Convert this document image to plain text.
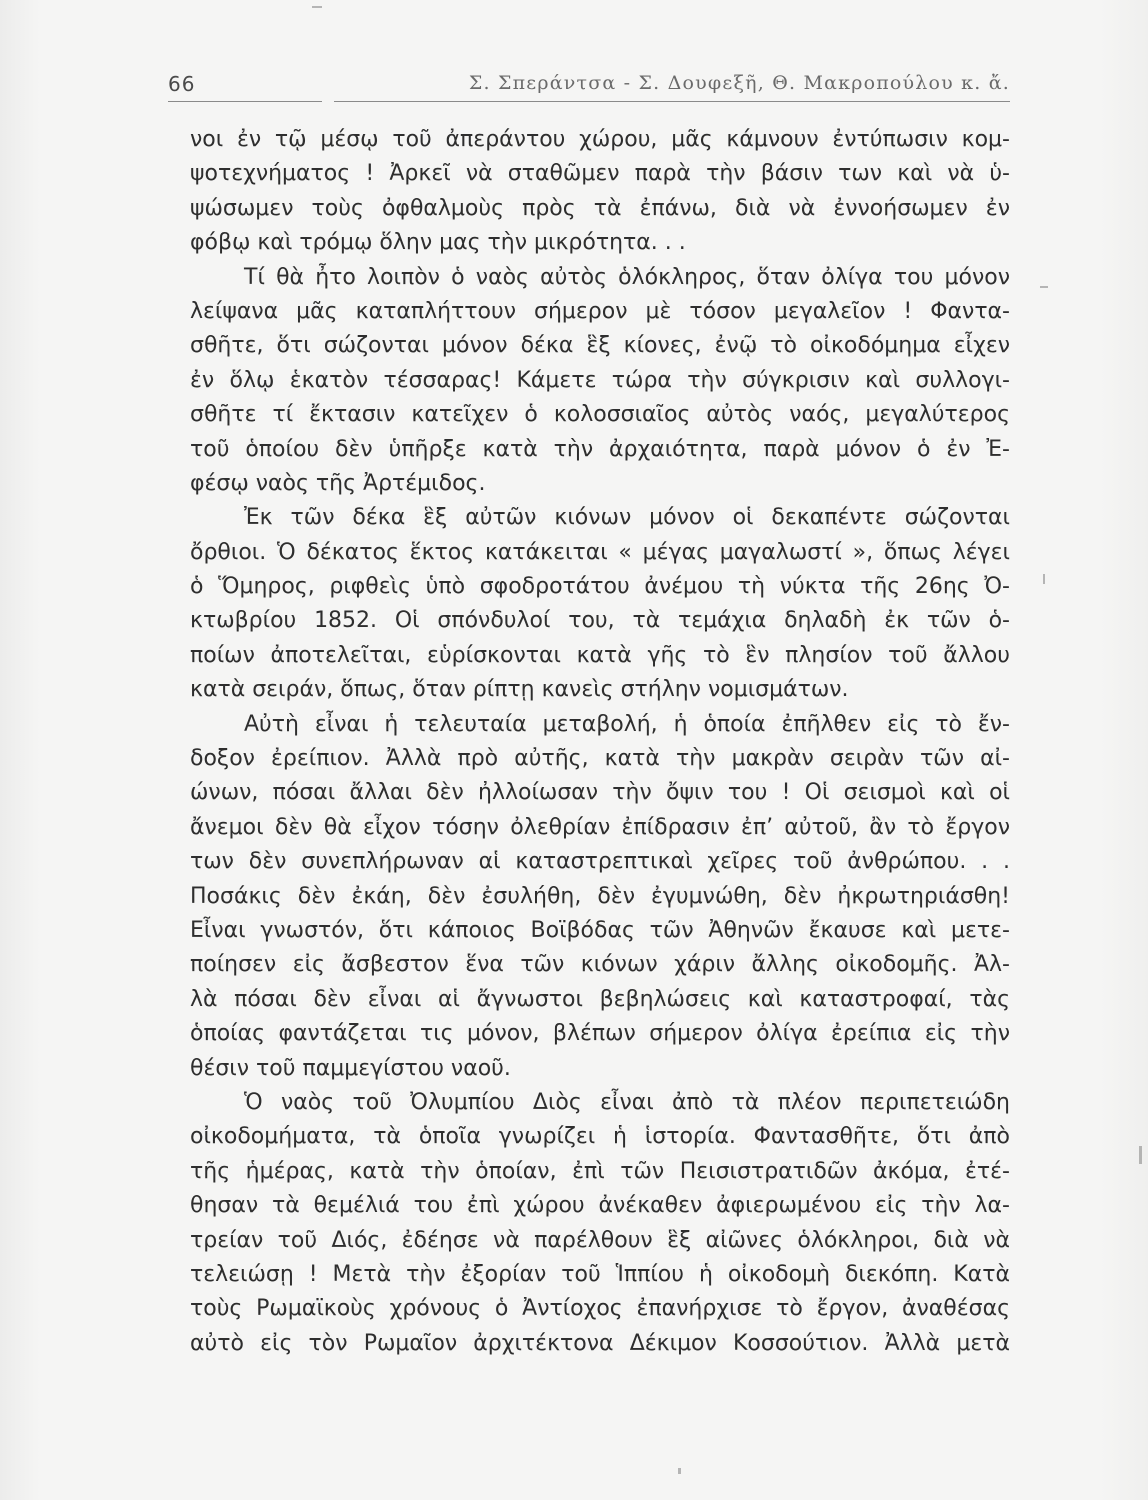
66	Σ. Σπεράντσα - Σ. Δουφεξῆ, Θ. Μακροπούλου κ. ἄ.
νοι ἐν τῷ μέσῳ τοῦ ἀπεράντου χώρου, μᾶς κάμνουν ἐντύπωσιν κομ-
ψοτεχνήματος ! Ἀρκεῖ νὰ σταθῶμεν παρὰ τὴν βάσιν των καὶ νὰ ὑ-
ψώσωμεν τοὺς ὀφθαλμοὺς πρὸς τὰ ἐπάνω, διὰ νὰ ἐννοήσωμεν ἐν
φόβῳ καὶ τρόμῳ ὅλην μας τὴν μικρότητα. . .
Τί θὰ ἦτο λοιπὸν ὁ ναὸς αὐτὸς ὁλόκληρος, ὅταν ὀλίγα του μόνον
λείψανα μᾶς καταπλήττουν σήμερον μὲ τόσον μεγαλεῖον ! Φαντα-
σθῆτε, ὅτι σώζονται μόνον δέκα ἓξ κίονες, ἐνῷ τὸ οἰκοδόμημα εἶχεν
ἐν ὅλῳ ἑκατὸν τέσσαρας! Κάμετε τώρα τὴν σύγκρισιν καὶ συλλογι-
σθῆτε τί ἔκτασιν κατεῖχεν ὁ κολοσσιαῖος αὐτὸς ναός, μεγαλύτερος
τοῦ ὁποίου δὲν ὑπῆρξε κατὰ τὴν ἀρχαιότητα, παρὰ μόνον ὁ ἐν Ἐ-
φέσῳ ναὸς τῆς Ἀρτέμιδος.
Ἐκ τῶν δέκα ἓξ αὐτῶν κιόνων μόνον οἱ δεκαπέντε σώζονται
ὄρθιοι. Ὁ δέκατος ἕκτος κατάκειται « μέγας μαγαλωστί », ὅπως λέγει
ὁ Ὅμηρος, ριφθεὶς ὑπὸ σφοδροτάτου ἀνέμου τὴ νύκτα τῆς 26ης Ὀ-
κτωβρίου 1852. Οἱ σπόνδυλοί του, τὰ τεμάχια δηλαδὴ ἐκ τῶν ὁ-
ποίων ἀποτελεῖται, εὑρίσκονται κατὰ γῆς τὸ ἓν πλησίον τοῦ ἄλλου
κατὰ σειράν, ὅπως, ὅταν ρίπτῃ κανεὶς στήλην νομισμάτων.
Αὐτὴ εἶναι ἡ τελευταία μεταβολή, ἡ ὁποία ἐπῆλθεν εἰς τὸ ἔν-
δοξον ἐρείπιον. Ἀλλὰ πρὸ αὐτῆς, κατὰ τὴν μακρὰν σειρὰν τῶν αἰ-
ώνων, πόσαι ἄλλαι δὲν ἠλλοίωσαν τὴν ὄψιν του ! Οἱ σεισμοὶ καὶ οἱ
ἄνεμοι δὲν θὰ εἶχον τόσην ὀλεθρίαν ἐπίδρασιν ἐπ’ αὐτοῦ, ἂν τὸ ἔργον
των δὲν συνεπλήρωναν αἱ καταστρεπτικαὶ χεῖρες τοῦ ἀνθρώπου. . .
Ποσάκις δὲν ἐκάη, δὲν ἐσυλήθη, δὲν ἐγυμνώθη, δὲν ἠκρωτηριάσθη!
Εἶναι γνωστόν, ὅτι κάποιος Βοϊβόδας τῶν Ἀθηνῶν ἔκαυσε καὶ μετε-
ποίησεν εἰς ἄσβεστον ἕνα τῶν κιόνων χάριν ἄλλης οἰκοδομῆς. Ἀλ-
λὰ πόσαι δὲν εἶναι αἱ ἄγνωστοι βεβηλώσεις καὶ καταστροφαί, τὰς
ὁποίας φαντάζεται τις μόνον, βλέπων σήμερον ὀλίγα ἐρείπια εἰς τὴν
θέσιν τοῦ παμμεγίστου ναοῦ.
Ὁ ναὸς τοῦ Ὀλυμπίου Διὸς εἶναι ἀπὸ τὰ πλέον περιπετειώδη
οἰκοδομήματα, τὰ ὁποῖα γνωρίζει ἡ ἱστορία. Φαντασθῆτε, ὅτι ἀπὸ
τῆς ἡμέρας, κατὰ τὴν ὁποίαν, ἐπὶ τῶν Πεισιστρατιδῶν ἀκόμα, ἐτέ-
θησαν τὰ θεμέλιά του ἐπὶ χώρου ἀνέκαθεν ἀφιερωμένου εἰς τὴν λα-
τρείαν τοῦ Διός, ἐδέησε νὰ παρέλθουν ἓξ αἰῶνες ὁλόκληροι, διὰ νὰ
τελειώσῃ ! Μετὰ τὴν ἐξορίαν τοῦ Ἱππίου ἡ οἰκοδομὴ διεκόπη. Κατὰ
τοὺς Ρωμαϊκοὺς χρόνους ὁ Ἀντίοχος ἐπανήρχισε τὸ ἔργον, ἀναθέσας
αὐτὸ εἰς τὸν Ρωμαῖον ἀρχιτέκτονα Δέκιμον Κοσσούτιον. Ἀλλὰ μετὰ
